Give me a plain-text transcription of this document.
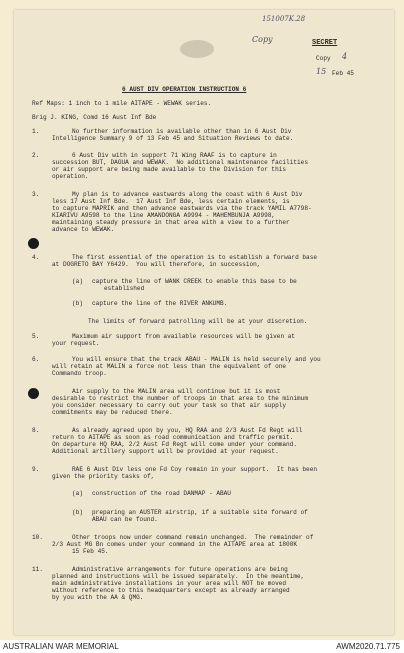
151007K.28
Copy	SECRET
Copy 4
15 Feb 45
6 AUST DIV OPERATION INSTRUCTION 6
Ref Maps: 1 inch to 1 mile AITAPE - WEWAK series.
Brig J. KING, Comd 16 Aust Inf Bde
1.	No further information is available other than in 6 Aust Div
Intelligence Summary 9 of 13 Feb 45 and Situation Reviews to date.
2.	6 Aust Div with in support 71 Wing RAAF is to capture in
succession BUT, DAGUA and WEWAK.  No additional maintenance facilities
or air support are being made available to the Division for this
operation.
3.	My plan is to advance eastwards along the coast with 6 Aust Div
less 17 Aust Inf Bde.  17 Aust Inf Bde, less certain elements, is
to capture MAPRIK and then advance eastwards via the track YAMIL A7798-
KIARIVU A9598 to the line AMANDONGA A9994 - MAHEMBUNJA A9998,
maintaining steady pressure in that area with a view to a further
advance to WEWAK.
4.	The first essential of the operation is to establish a forward base
at DOGRETO BAY Y6429.  You will therefore, in succession,
(a) capture the line of WANK CREEK to enable this base to be
established
(b) capture the line of the RIVER ANKUMB.
The limits of forward patrolling will be at your discretion.
5.	Maximum air support from available resources will be given at
your request.
6.	You will ensure that the track ABAU - MALIN is held securely and you
will retain at MALIN a force not less than the equivalent of one
Commando troop.
7.	Air supply to the MALIN area will continue but it is most
desirable to restrict the number of troops in that area to the minimum
you consider necessary to carry out your task so that air supply
commitments may be reduced there.
8.	As already agreed upon by you, HQ RAA and 2/3 Aust Fd Regt will
return to AITAPE as soon as road communication and traffic permit.
On departure HQ RAA, 2/2 Aust Fd Regt will come under your command.
Additional artillery support will be provided at your request.
9.	RAE 6 Aust Div less one Fd Coy remain in your support.  It has been
given the priority tasks of,
(a) construction of the road DANMAP - ABAU
(b) preparing an AUSTER airstrip, if a suitable site forward of
ABAU can be found.
10.	Other troops now under command remain unchanged.  The remainder of
2/3 Aust MG Bn comes under your command in the AITAPE area at 1800K
15 Feb 45.
11.	Administrative arrangements for future operations are being
planned and instructions will be issued separately.  In the meantime,
main administrative installations in your area will NOT be moved
without reference to this headquarters except as already arranged
by you with the AA & QMG.
AUSTRALIAN WAR MEMORIAL	AWM2020.71.775
